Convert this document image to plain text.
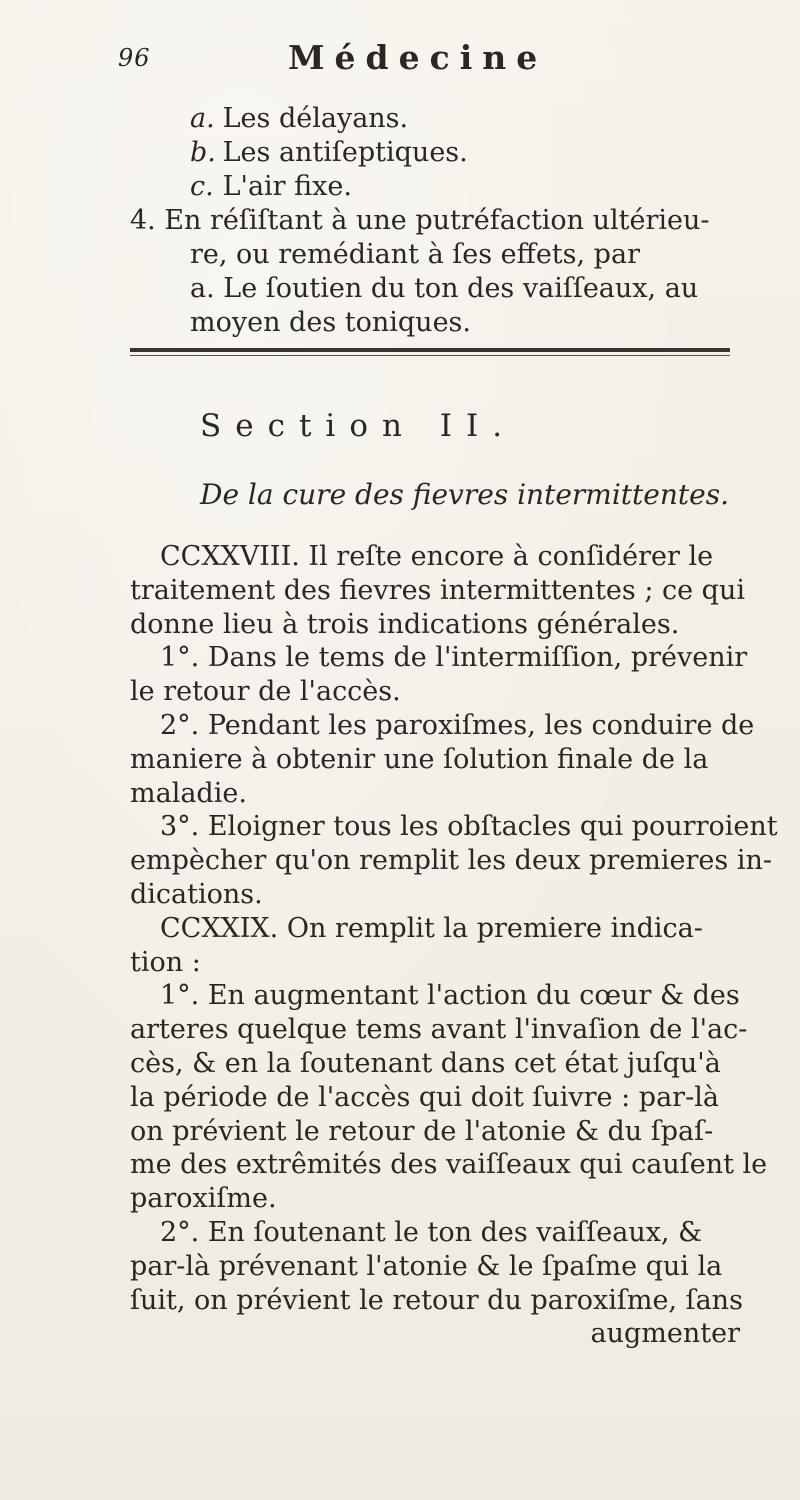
96	Médecine
a. Les délayans.
b. Les antiſeptiques.
c. L'air fixe.
4. En réſiſtant à une putréfaction ultérieu-
re, ou remédiant à ſes effets, par
a. Le ſoutien du ton des vaiſſeaux, au
moyen des toniques.
Section II.
De la cure des fievres intermittentes.
CCXXVIII. Il reſte encore à conſidérer le
traitement des fievres intermittentes ; ce qui
donne lieu à trois indications générales.
1°. Dans le tems de l'intermiſſion, prévenir
le retour de l'accès.
2°. Pendant les paroxiſmes, les conduire de
maniere à obtenir une ſolution finale de la
maladie.
3°. Eloigner tous les obſtacles qui pourroient
empècher qu'on remplit les deux premieres in-
dications.
CCXXIX. On remplit la premiere indica-
tion :
1°. En augmentant l'action du cœur & des
arteres quelque tems avant l'invaſion de l'ac-
cès, & en la ſoutenant dans cet état juſqu'à
la période de l'accès qui doit ſuivre : par-là
on prévient le retour de l'atonie & du ſpaſ-
me des extrêmités des vaiſſeaux qui cauſent le
paroxiſme.
2°. En ſoutenant le ton des vaiſſeaux, &
par-là prévenant l'atonie & le ſpaſme qui la
ſuit, on prévient le retour du paroxiſme, ſans
augmenter
